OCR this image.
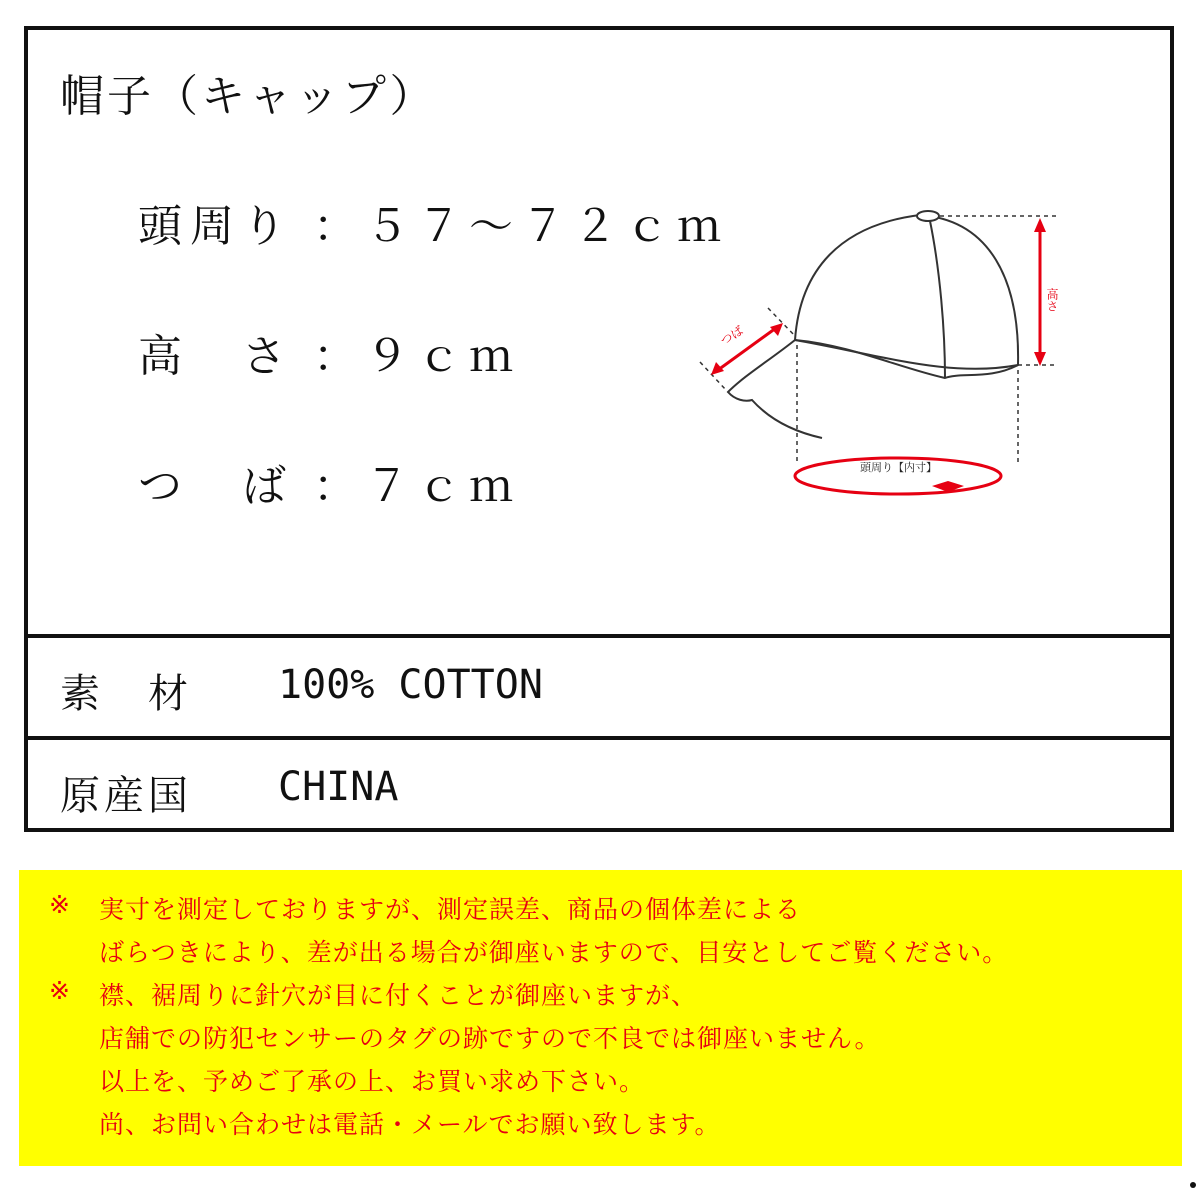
帽子（キャップ）
頭周り ：５７～７２ｃｍ
高　さ ：９ｃｍ
つ　ば ：７ｃｍ
素　材 100% COTTON
原産国 CHINA
高さ
つば
頭周り【内寸】
※ 実寸を測定しておりますが、測定誤差、商品の個体差による
ばらつきにより、差が出る場合が御座いますので、目安としてご覧ください。
※ 襟、裾周りに針穴が目に付くことが御座いますが、
店舗での防犯センサーのタグの跡ですので不良では御座いません。
以上を、予めご了承の上、お買い求め下さい。
尚、お問い合わせは電話・メールでお願い致します。
